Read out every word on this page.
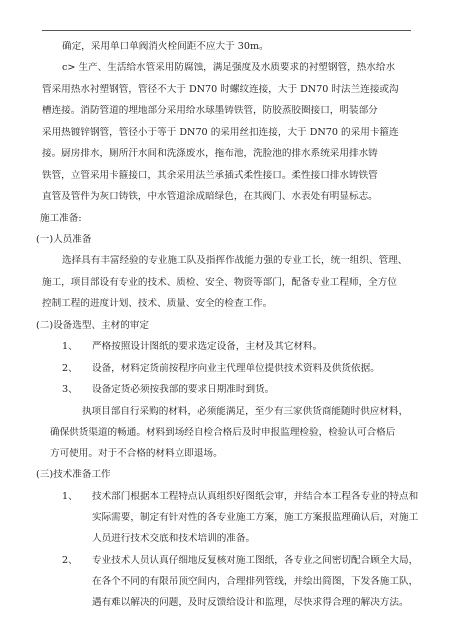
确定，采用单口单阀消火栓间距不应大于 30m。
c> 生产、生活给水管采用防腐蚀，满足强度及水质要求的衬塑钢管，热水给水
管采用热水衬塑钢管，管径不大于 DN70 时螺纹连接，大于 DN70 时法兰连接或沟
槽连接。消防管道的埋地部分采用给水球墨铸铁管，防胶蒸胶圈接口，明装部分
采用热镀锌钢管，管径小于等于 DN70 的采用丝扣连接，大于 DN70 的采用卡箍连
接。厨房排水，厕所汗水间和洗涤废水，拖布池，洗脸池的排水系统采用排水铸
铁管，立管采用卡箍接口，其余采用法兰承插式柔性接口。柔性接口排水铸铁管
直管及管件为灰口铸铁，中水管道涂成暗绿色，在其阀门、水表处有明显标志。
施工准备:
(一)人员准备
选择具有丰富经验的专业施工队及指挥作战能力强的专业工长，统一组织、管理、
施工，项目部设有专业的技术、质检、安全、物资等部门，配备专业工程师，全方位
控制工程的进度计划、技术、质量、安全的检查工作。
(二)设备选型、主材的审定
1、 严格按照设计图纸的要求选定设备，主材及其它材料。
2、 设备，材料定货前按程序向业主代理单位提供技术资料及供货依据。
3、 设备定货必须按我部的要求日期准时到货。
执项目部自行采购的材料，必须能满足，至少有三家供货商能随时供应材料，
确保供货渠道的畅通。材料到场经自检合格后及时申报监理检验，检验认可合格后
方可使用。对于不合格的材料立即退场。
(三)技术准备工作
1、 技术部门根据本工程特点认真组织好图纸会审，并结合本工程各专业的特点和
实际需要，制定有针对性的各专业施工方案，施工方案报监理确认后，对施工
人员进行技术交底和技术培训的准备。
2、 专业技术人员认真仔细地反复核对施工图纸，各专业之间密切配合顾全大局，
在各个不同的有限吊顶空间内，合理排列管线，并绘出简图，下发各施工队，
遇有难以解决的问题，及时反馈给设计和监理，尽快求得合理的解决方法。
